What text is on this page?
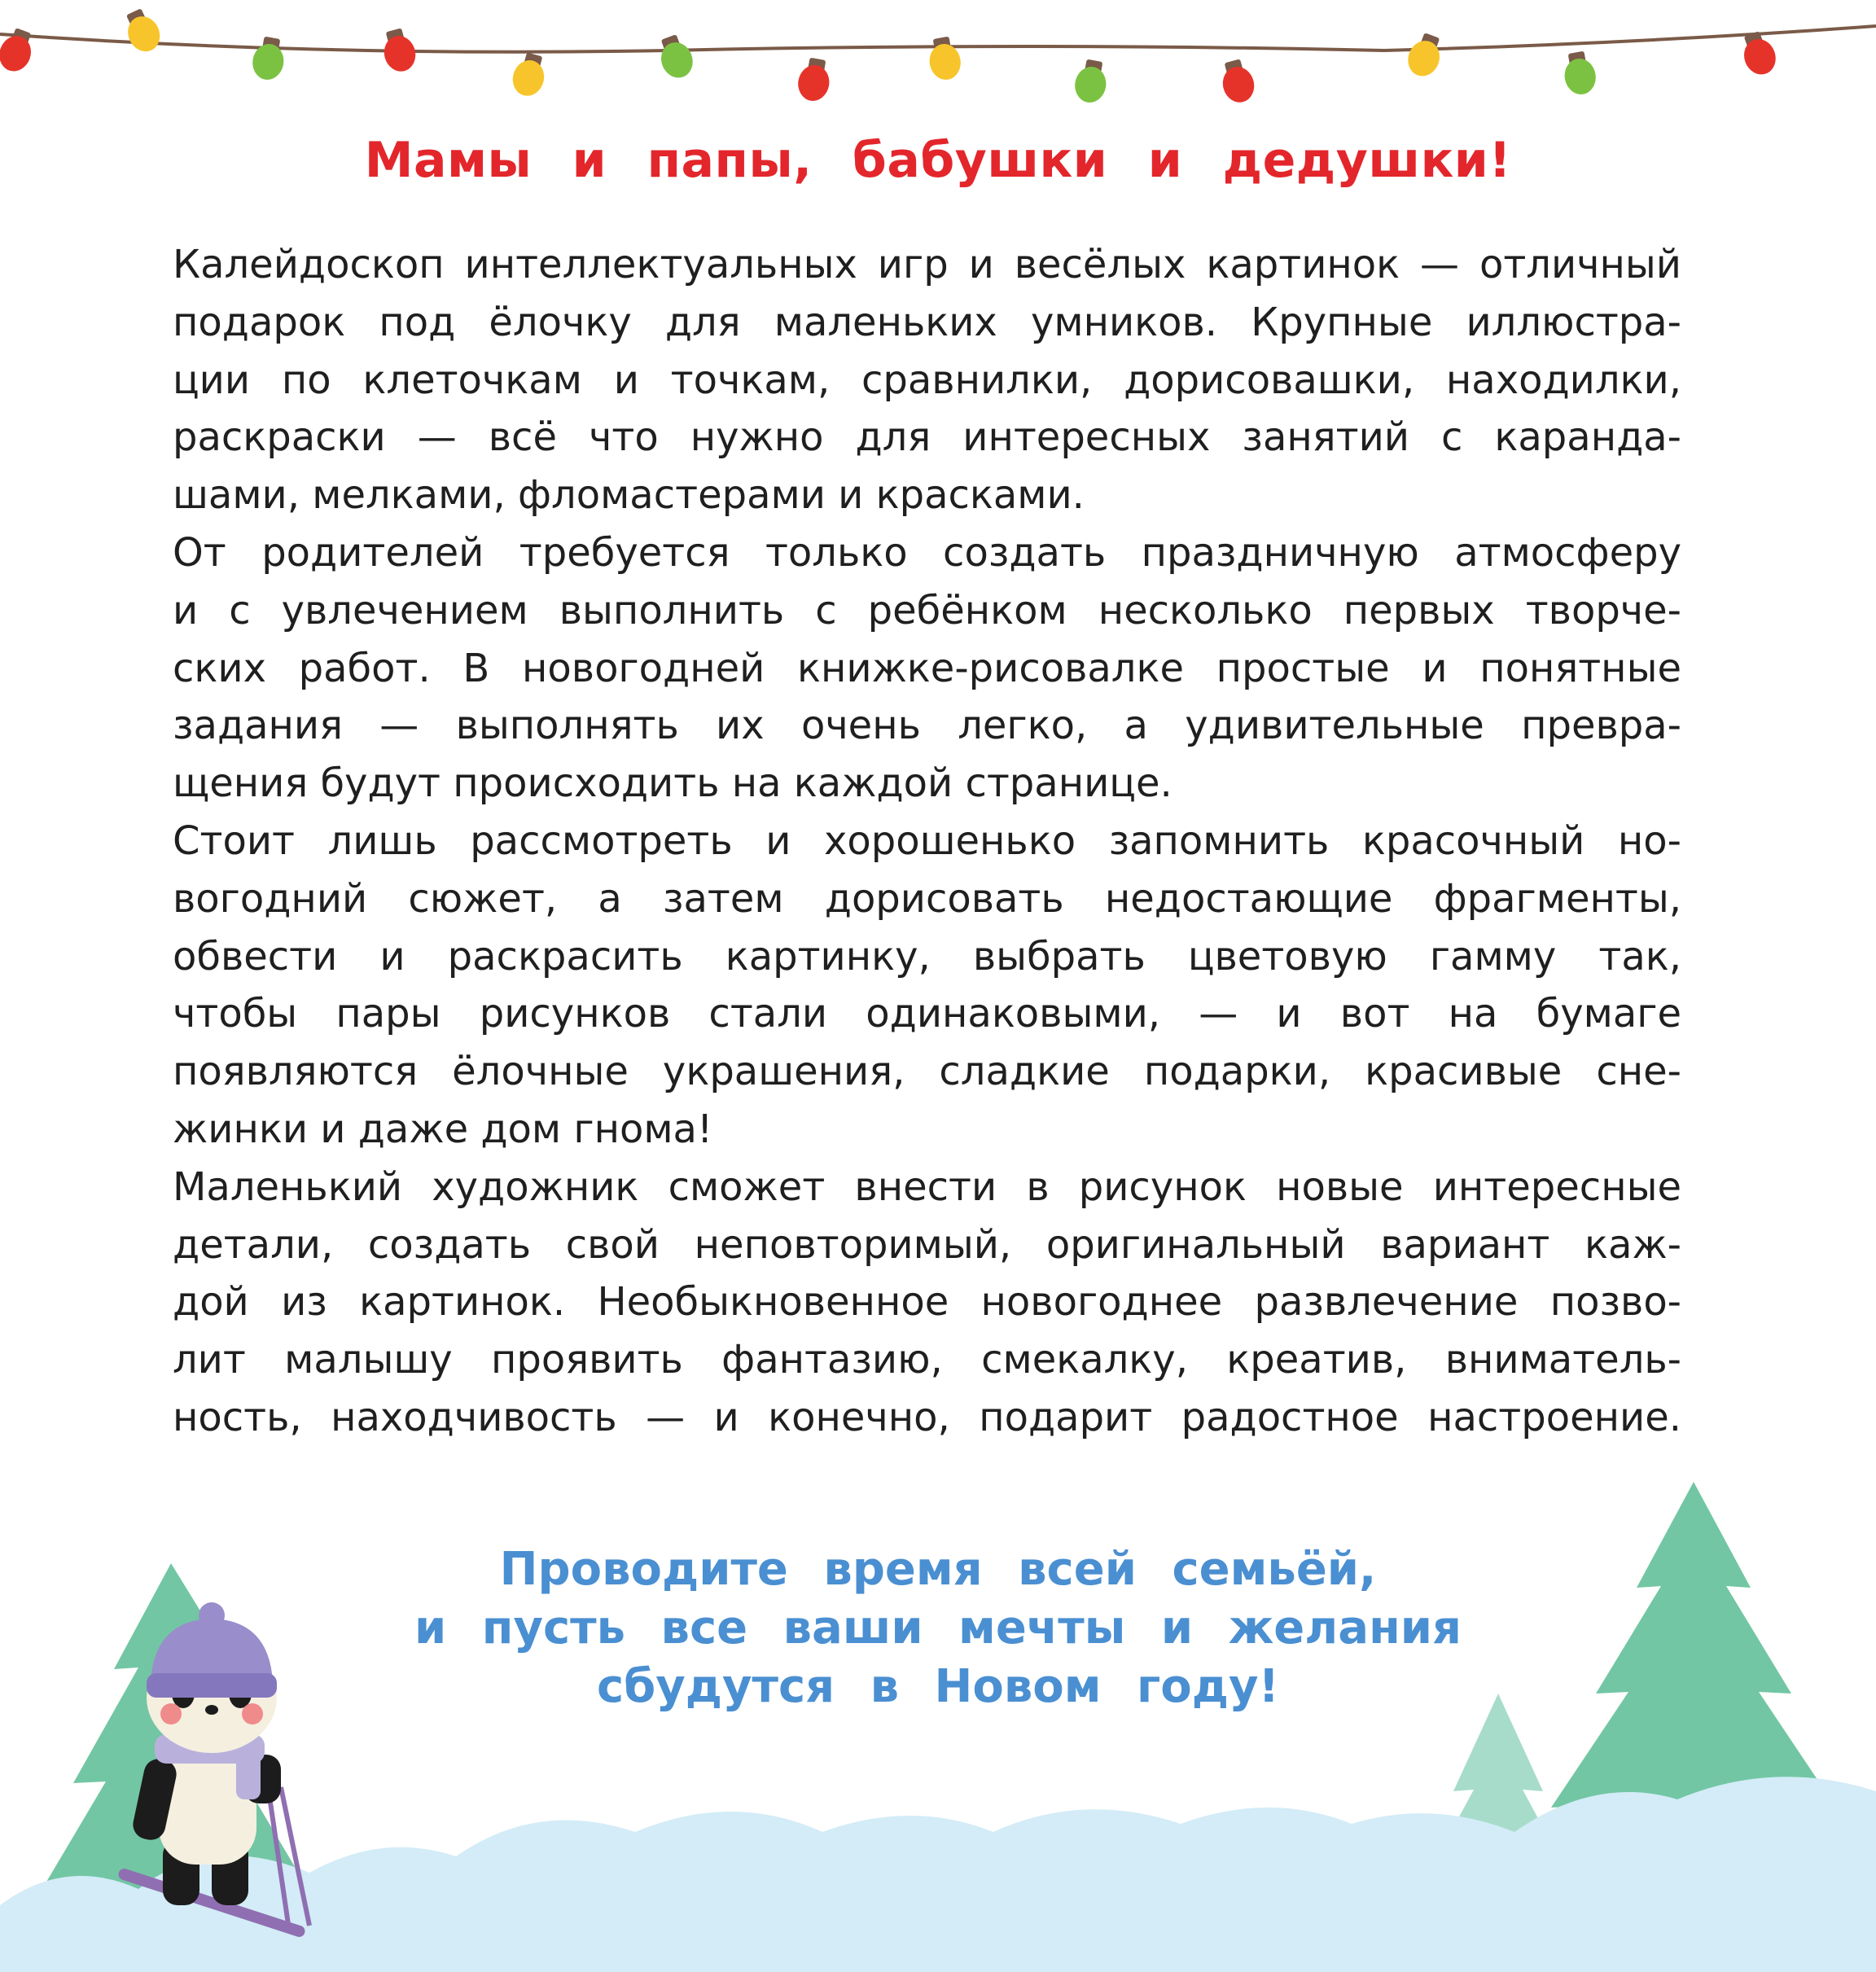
Мамы и папы, бабушки и дедушки!
Калейдоскоп интеллектуальных игр и весёлых картинок — отличный
подарок под ёлочку для маленьких умников. Крупные иллюстра-
ции по клеточкам и точкам, сравнилки, дорисовашки, находилки,
раскраски — всё что нужно для интересных занятий с каранда-
шами, мелками, фломастерами и красками.
От родителей требуется только создать праздничную атмосферу
и с увлечением выполнить с ребёнком несколько первых творче-
ских работ. В новогодней книжке-рисовалке простые и понятные
задания — выполнять их очень легко, а удивительные превра-
щения будут происходить на каждой странице.
Стоит лишь рассмотреть и хорошенько запомнить красочный но-
вогодний сюжет, а затем дорисовать недостающие фрагменты,
обвести и раскрасить картинку, выбрать цветовую гамму так,
чтобы пары рисунков стали одинаковыми, — и вот на бумаге
появляются ёлочные украшения, сладкие подарки, красивые сне-
жинки и даже дом гнома!
Маленький художник сможет внести в рисунок новые интересные
детали, создать свой неповторимый, оригинальный вариант каж-
дой из картинок. Необыкновенное новогоднее развлечение позво-
лит малышу проявить фантазию, смекалку, креатив, вниматель-
ность, находчивость — и конечно, подарит радостное настроение.
Проводите время всей семьёй,
и пусть все ваши мечты и желания
сбудутся в Новом году!
